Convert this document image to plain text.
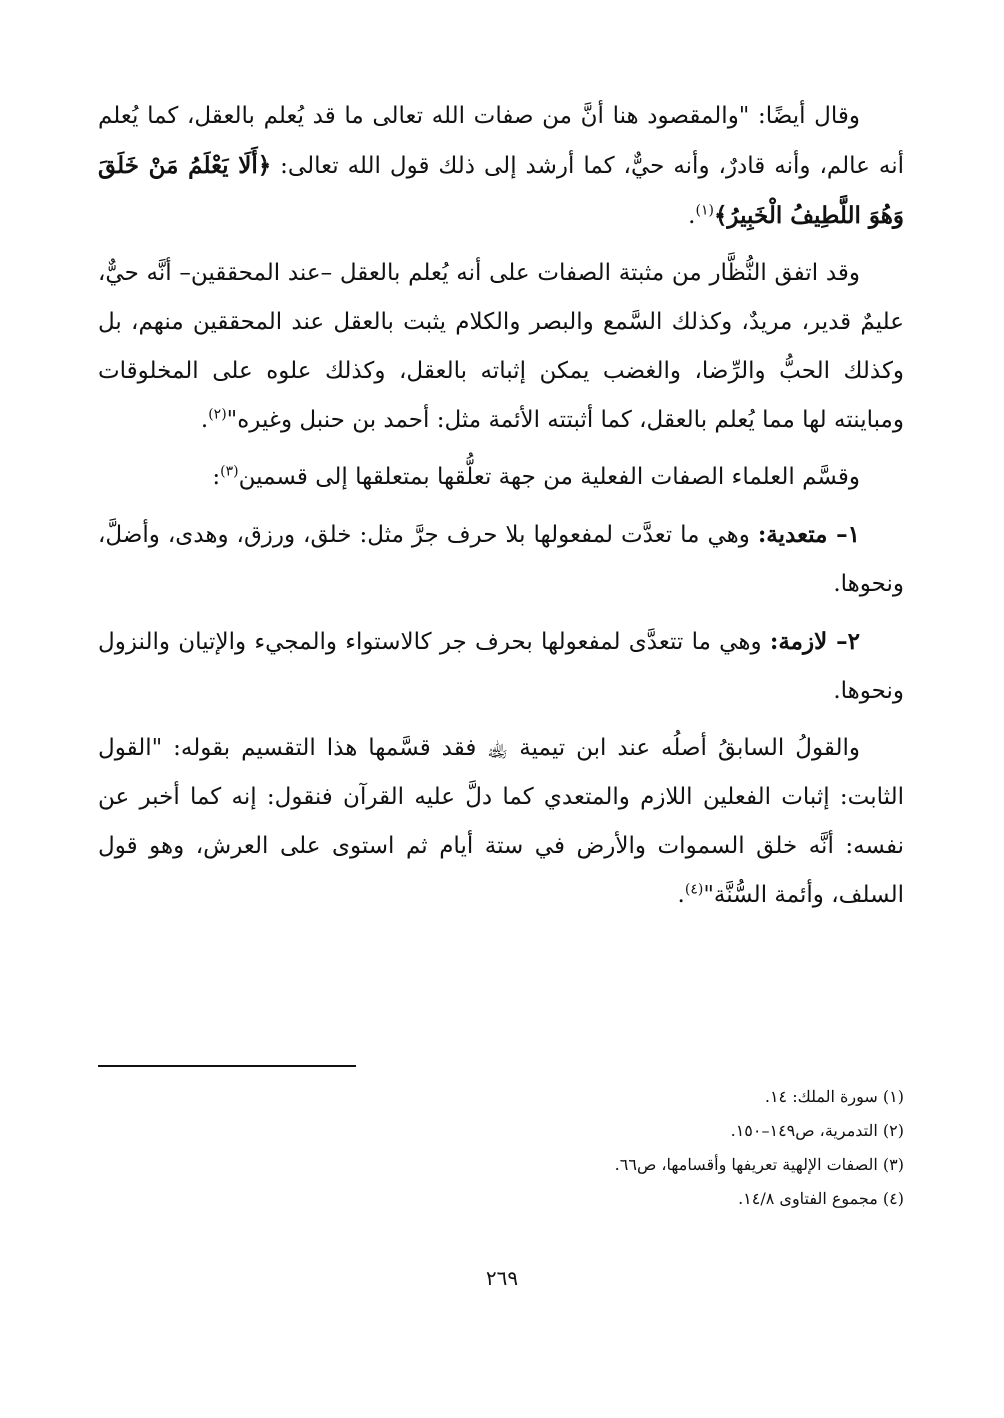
وقال أيضًا: "والمقصود هنا أنَّ من صفات الله تعالى ما قد يُعلم بالعقل، كما يُعلم أنه عالم، وأنه قادرٌ، وأنه حيٌّ، كما أرشد إلى ذلك قول الله تعالى: ﴿أَلَا يَعْلَمُ مَنْ خَلَقَ وَهُوَ اللَّطِيفُ الْخَبِيرُ﴾$^{(١)}$.

وقد اتفق النُّظَّار من مثبتة الصفات على أنه يُعلم بالعقل –عند المحققين– أنَّه حيٌّ، عليمٌ قدير، مريدٌ، وكذلك السَّمع والبصر والكلام يثبت بالعقل عند المحققين منهم، بل وكذلك الحبُّ والرِّضا، والغضب يمكن إثباته بالعقل، وكذلك علوه على المخلوقات ومباينته لها مما يُعلم بالعقل، كما أثبتته الأئمة مثل: أحمد بن حنبل وغيره"$^{(٢)}$.

وقسَّم العلماء الصفات الفعلية من جهة تعلُّقها بمتعلقها إلى قسمين$^{(٣)}$:

١– متعدية: وهي ما تعدَّت لمفعولها بلا حرف جرَّ مثل: خلق، ورزق، وهدى، وأضلَّ، ونحوها.

٢– لازمة: وهي ما تتعدَّى لمفعولها بحرف جر كالاستواء والمجيء والإتيان والنزول ونحوها.

والقولُ السابقُ أصلُه عند ابن تيمية ﵀ فقد قسَّمها هذا التقسيم بقوله: "القول الثابت: إثبات الفعلين اللازم والمتعدي كما دلَّ عليه القرآن فنقول: إنه كما أخبر عن نفسه: أنَّه خلق السموات والأرض في ستة أيام ثم استوى على العرش، وهو قول السلف، وأئمة السُّنَّة"$^{(٤)}$.

(١) سورة الملك: ١٤.
(٢) التدمرية، ص١٤٩–١٥٠.
(٣) الصفات الإلهية تعريفها وأقسامها، ص٦٦.
(٤) مجموع الفتاوى ١٤/٨.
٢٦٩
